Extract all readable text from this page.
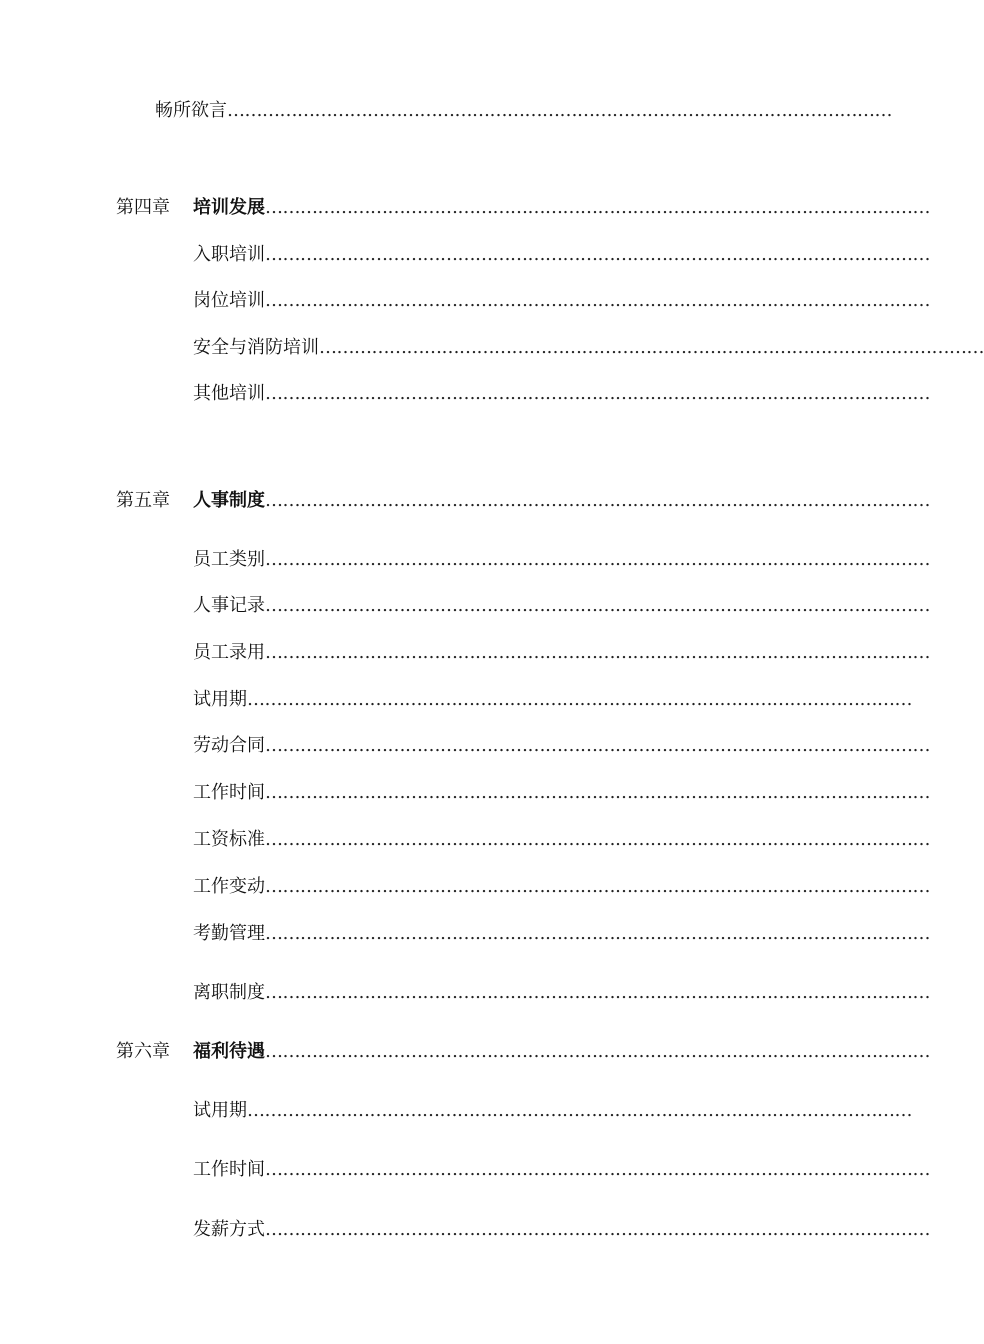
畅所欲言 ……………………………………………………………………………………………………
第四章	培训发展 ……………………………………………………………………………………………………
入职培训 ……………………………………………………………………………………………………
岗位培训 ……………………………………………………………………………………………………
安全与消防培训 ……………………………………………………………………………………………………
其他培训 ……………………………………………………………………………………………………
第五章	人事制度 ……………………………………………………………………………………………………
员工类别 ……………………………………………………………………………………………………
人事记录 ……………………………………………………………………………………………………
员工录用 ……………………………………………………………………………………………………
试用期 ……………………………………………………………………………………………………
劳动合同 ……………………………………………………………………………………………………
工作时间 ……………………………………………………………………………………………………
工资标准 ……………………………………………………………………………………………………
工作变动 ……………………………………………………………………………………………………
考勤管理 ……………………………………………………………………………………………………
离职制度 ……………………………………………………………………………………………………
第六章	福利待遇 ……………………………………………………………………………………………………
试用期 ……………………………………………………………………………………………………
工作时间 ……………………………………………………………………………………………………
发薪方式 ……………………………………………………………………………………………………
